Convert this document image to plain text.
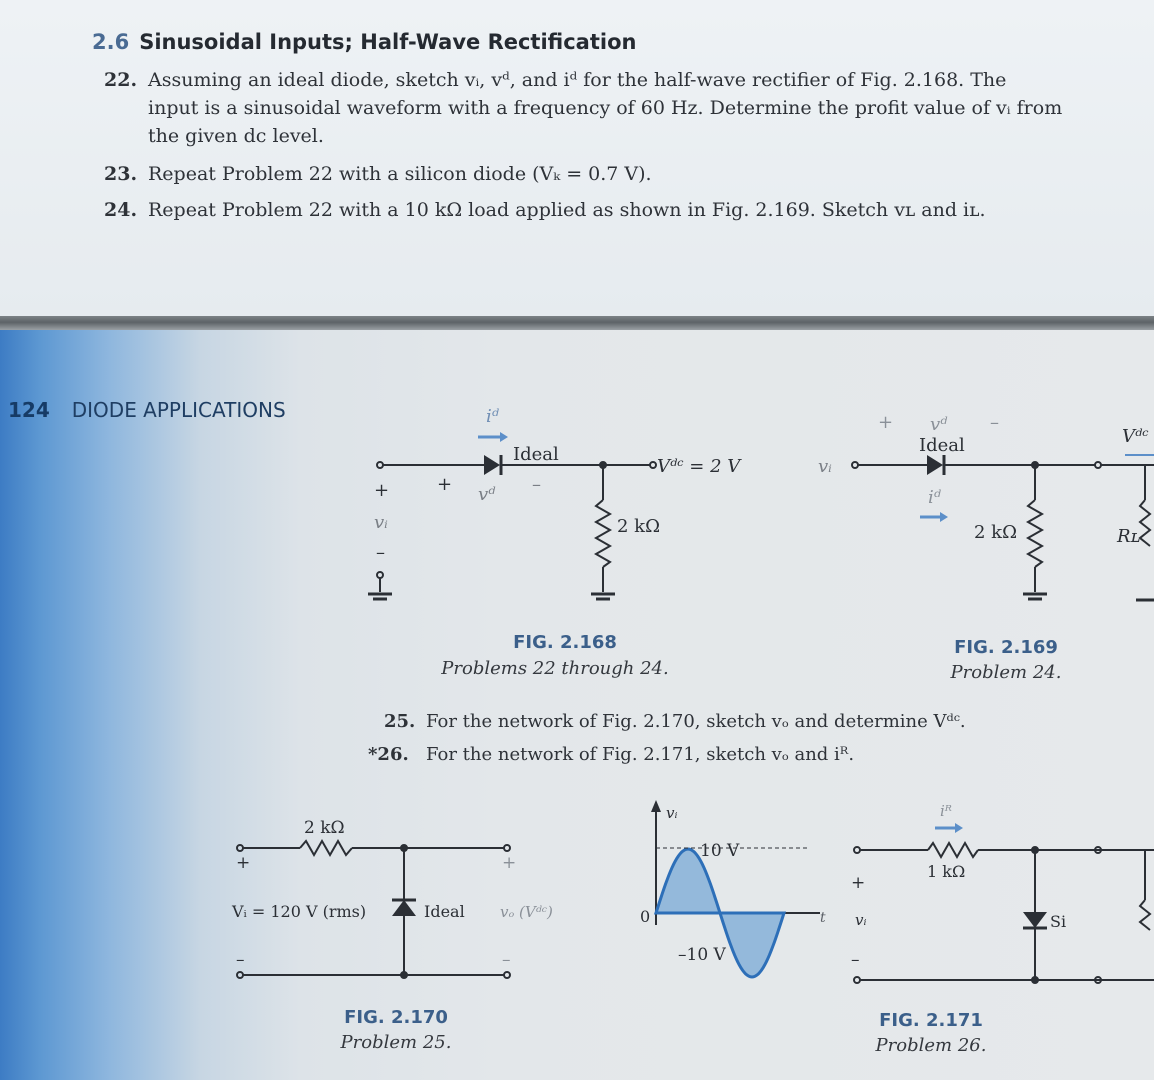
2.6 Sinusoidal Inputs; Half-Wave Rectification
22. Assuming an ideal diode, sketch vᵢ, vᵈ, and iᵈ for the half-wave rectifier of Fig. 2.168. The
input is a sinusoidal waveform with a frequency of 60 Hz. Determine the profit value of vᵢ from
the given dc level.
23. Repeat Problem 22 with a silicon diode (Vₖ = 0.7 V).
24. Repeat Problem 22 with a 10 kΩ load applied as shown in Fig. 2.169. Sketch vʟ and iʟ.
124 DIODE APPLICATIONS	iᵈ
Ideal
Vᵈᶜ = 2 V
2 kΩ
vᵢ
vᵈ
+	+
–
–
vᵢ
vᵈ
+	–
Ideal
iᵈ
2 kΩ	Rʟ
Vᵈᶜ
2 kΩ
+
Vᵢ = 120 V (rms)	Ideal vₒ (Vᵈᶜ)
+
–	–
vᵢ
10 V
–10 V
0	t
iᴿ
1 kΩ
Si
+
vᵢ
–
FIG. 2.168
Problems 22 through 24.
FIG. 2.169
Problem 24.
25. For the network of Fig. 2.170, sketch vₒ and determine Vᵈᶜ.
*26. For the network of Fig. 2.171, sketch vₒ and iᴿ.
FIG. 2.170
Problem 25.
FIG. 2.171
Problem 26.
